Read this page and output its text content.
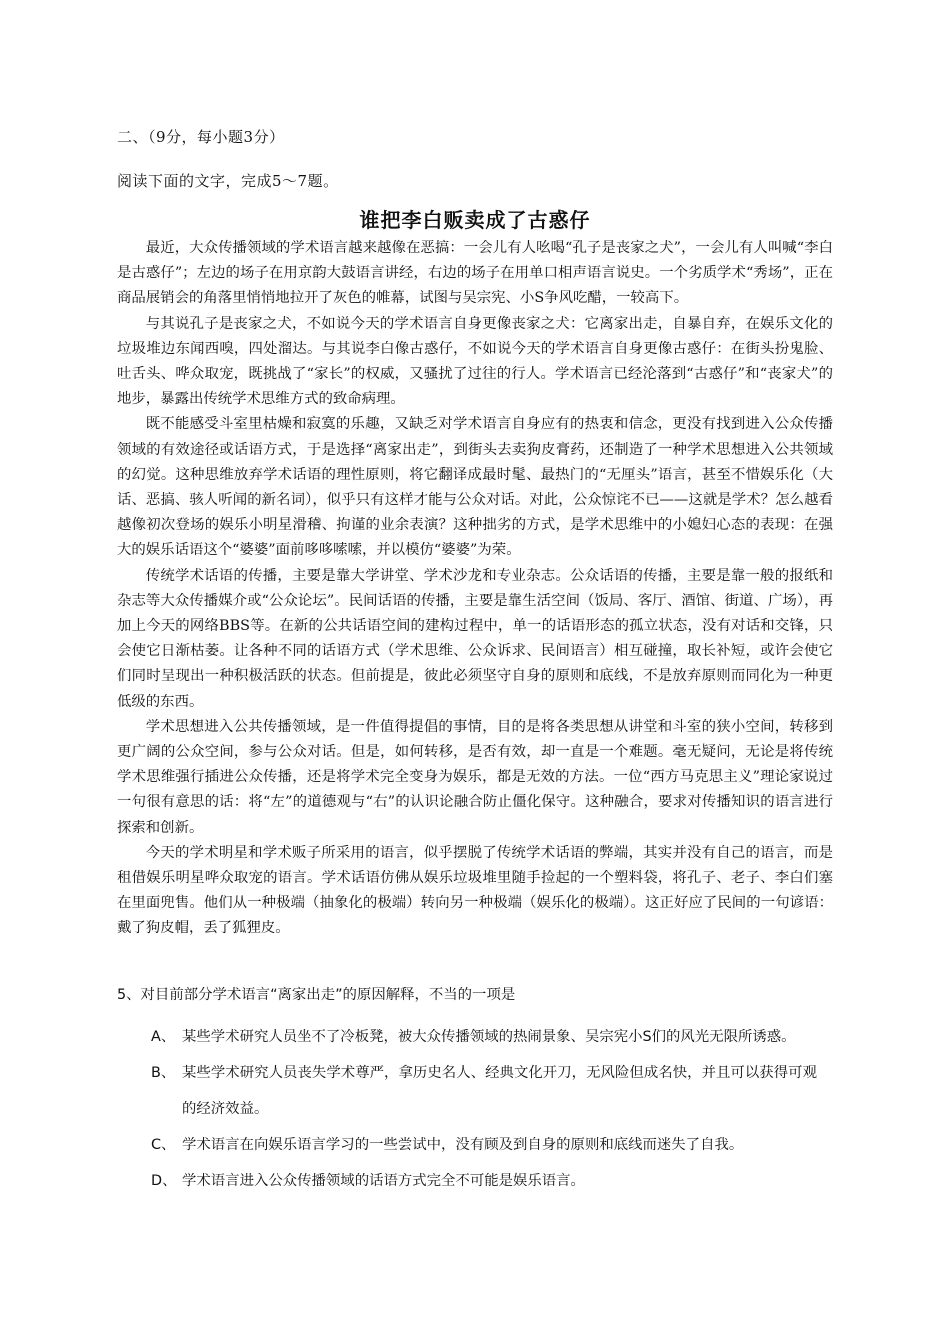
二、（9分，每小题3分）
阅读下面的文字，完成5～7题。
谁把李白贩卖成了古惑仔

最近，大众传播领域的学术语言越来越像在恶搞：一会儿有人吆喝“孔子是丧家之犬”，一会儿有人叫喊“李白是古惑仔”；左边的场子在用京韵大鼓语言讲经，右边的场子在用单口相声语言说史。一个劣质学术“秀场”，正在商品展销会的角落里悄悄地拉开了灰色的帷幕，试图与吴宗宪、小S争风吃醋，一较高下。

与其说孔子是丧家之犬，不如说今天的学术语言自身更像丧家之犬：它离家出走，自暴自弃，在娱乐文化的垃圾堆边东闻西嗅，四处溜达。与其说李白像古惑仔，不如说今天的学术语言自身更像古惑仔：在街头扮鬼脸、吐舌头、哗众取宠，既挑战了“家长”的权威，又骚扰了过往的行人。学术语言已经沦落到“古惑仔”和“丧家犬”的地步，暴露出传统学术思维方式的致命病理。

既不能感受斗室里枯燥和寂寞的乐趣，又缺乏对学术语言自身应有的热衷和信念，更没有找到进入公众传播领域的有效途径或话语方式，于是选择“离家出走”，到街头去卖狗皮膏药，还制造了一种学术思想进入公共领域的幻觉。这种思维放弃学术话语的理性原则，将它翻译成最时髦、最热门的“无厘头”语言，甚至不惜娱乐化（大话、恶搞、骇人听闻的新名词），似乎只有这样才能与公众对话。对此，公众惊诧不已——这就是学术？怎么越看越像初次登场的娱乐小明星滑稽、拘谨的业余表演？这种拙劣的方式，是学术思维中的小媳妇心态的表现：在强大的娱乐话语这个“婆婆”面前哆哆嗦嗦，并以模仿“婆婆”为荣。

传统学术话语的传播，主要是靠大学讲堂、学术沙龙和专业杂志。公众话语的传播，主要是靠一般的报纸和杂志等大众传播媒介或“公众论坛”。民间话语的传播，主要是靠生活空间（饭局、客厅、酒馆、街道、广场），再加上今天的网络BBS等。在新的公共话语空间的建构过程中，单一的话语形态的孤立状态，没有对话和交锋，只会使它日渐枯萎。让各种不同的话语方式（学术思维、公众诉求、民间语言）相互碰撞，取长补短，或许会使它们同时呈现出一种积极活跃的状态。但前提是，彼此必须坚守自身的原则和底线，不是放弃原则而同化为一种更低级的东西。

学术思想进入公共传播领域，是一件值得提倡的事情，目的是将各类思想从讲堂和斗室的狭小空间，转移到更广阔的公众空间，参与公众对话。但是，如何转移，是否有效，却一直是一个难题。毫无疑问，无论是将传统学术思维强行插进公众传播，还是将学术完全变身为娱乐，都是无效的方法。一位“西方马克思主义”理论家说过一句很有意思的话：将“左”的道德观与“右”的认识论融合防止僵化保守。这种融合，要求对传播知识的语言进行探索和创新。

今天的学术明星和学术贩子所采用的语言，似乎摆脱了传统学术话语的弊端，其实并没有自己的语言，而是租借娱乐明星哗众取宠的语言。学术话语仿佛从娱乐垃圾堆里随手捡起的一个塑料袋，将孔子、老子、李白们塞在里面兜售。他们从一种极端（抽象化的极端）转向另一种极端（娱乐化的极端）。这正好应了民间的一句谚语：戴了狗皮帽，丢了狐狸皮。

5、对目前部分学术语言“离家出走”的原因解释，不当的一项是

A、 某些学术研究人员坐不了冷板凳，被大众传播领域的热闹景象、吴宗宪小S们的风光无限所诱惑。
B、 某些学术研究人员丧失学术尊严，拿历史名人、经典文化开刀，无风险但成名快，并且可以获得可观的经济效益。
C、 学术语言在向娱乐语言学习的一些尝试中，没有顾及到自身的原则和底线而迷失了自我。
D、 学术语言进入公众传播领域的话语方式完全不可能是娱乐语言。
